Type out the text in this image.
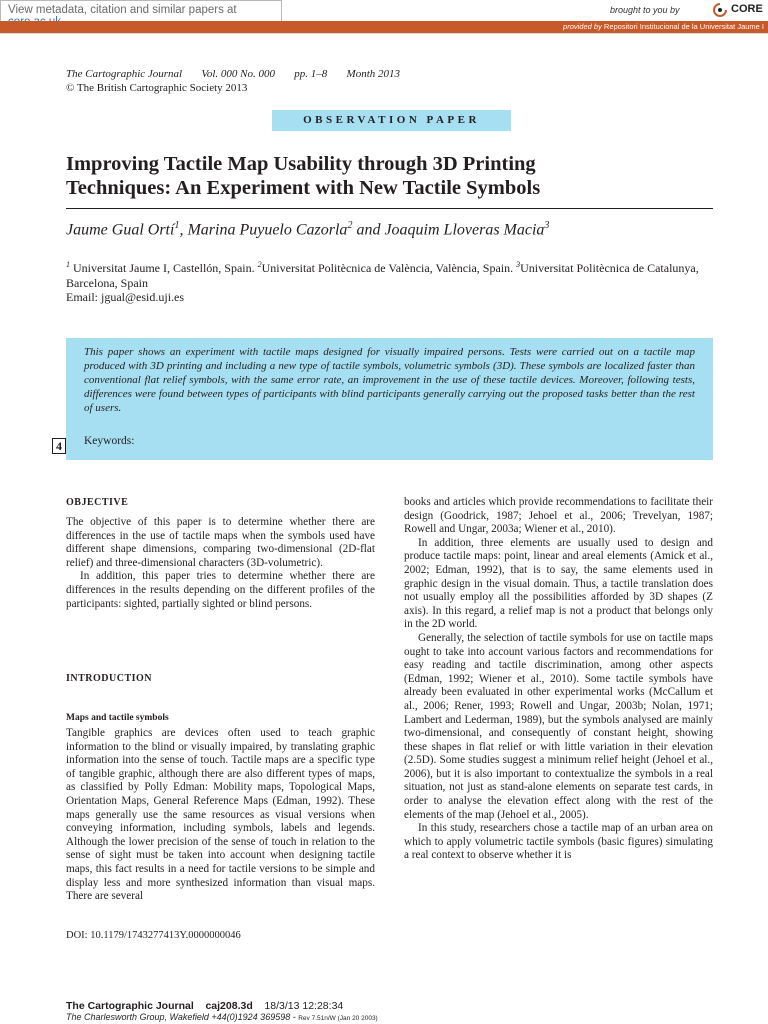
View metadata, citation and similar papers at	brought to you by	CORE
provided by Repositori Institucional de la Universitat Jaume I
The Cartographic Journal Vol. 000 No. 000 pp. 1–8 Month 2013
© The British Cartographic Society 2013
OBSERVATION PAPER
Improving Tactile Map Usability through 3D Printing
Techniques: An Experiment with New Tactile Symbols
Jaume Gual Ortí$^1$, Marina Puyuelo Cazorla$^2$ and Joaquim Lloveras Macia$^3$
$^1$ Universitat Jaume I, Castellón, Spain. $^2$Universitat Politècnica de València, València, Spain. $^3$Universitat Politècnica de Catalunya, Barcelona, Spain
Email: jgual@esid.uji.es
This paper shows an experiment with tactile maps designed for visually impaired persons. Tests were carried out on a tactile map produced with 3D printing and including a new type of tactile symbols, volumetric symbols (3D). These symbols are localized faster than conventional flat relief symbols, with the same error rate, an improvement in the use of these tactile devices. Moreover, following tests, differences were found between types of participants with blind participants generally carrying out the proposed tasks better than the rest of users.
Keywords:
4
OBJECTIVE

The objective of this paper is to determine whether there are differences in the use of tactile maps when the symbols used have different shape dimensions, comparing two-dimensional (2D-flat relief) and three-dimensional characters (3D-volumetric).

In addition, this paper tries to determine whether there are differences in the results depending on the different profiles of the participants: sighted, partially sighted or blind persons.

INTRODUCTION
Maps and tactile symbols

Tangible graphics are devices often used to teach graphic information to the blind or visually impaired, by translating graphic information into the sense of touch. Tactile maps are a specific type of tangible graphic, although there are also different types of maps, as classified by Polly Edman: Mobility maps, Topological Maps, Orientation Maps, General Reference Maps (Edman, 1992). These maps generally use the same resources as visual versions when conveying information, including symbols, labels and legends. Although the lower precision of the sense of touch in relation to the sense of sight must be taken into account when designing tactile maps, this fact results in a need for tactile versions to be simple and display less and more synthesized information than visual maps. There are several

books and articles which provide recommendations to facilitate their design (Goodrick, 1987; Jehoel et al., 2006; Trevelyan, 1987; Rowell and Ungar, 2003a; Wiener et al., 2010).

In addition, three elements are usually used to design and produce tactile maps: point, linear and areal elements (Amick et al., 2002; Edman, 1992), that is to say, the same elements used in graphic design in the visual domain. Thus, a tactile translation does not usually employ all the possibilities afforded by 3D shapes (Z axis). In this regard, a relief map is not a product that belongs only in the 2D world.

Generally, the selection of tactile symbols for use on tactile maps ought to take into account various factors and recommendations for easy reading and tactile discrimination, among other aspects (Edman, 1992; Wiener et al., 2010). Some tactile symbols have already been evaluated in other experimental works (McCallum et al., 2006; Rener, 1993; Rowell and Ungar, 2003b; Nolan, 1971; Lambert and Lederman, 1989), but the symbols analysed are mainly two-dimensional, and consequently of constant height, showing these shapes in flat relief or with little variation in their elevation (2.5D). Some studies suggest a minimum relief height (Jehoel et al., 2006), but it is also important to contextualize the symbols in a real situation, not just as stand-alone elements on separate test cards, in order to analyse the elevation effect along with the rest of the elements of the map (Jehoel et al., 2005).

In this study, researchers chose a tactile map of an urban area on which to apply volumetric tactile symbols (basic figures) simulating a real context to observe whether it is

DOI: 10.1179/1743277413Y.0000000046
The Cartographic Journal caj208.3d 18/3/13 12:28:34
The Charlesworth Group, Wakefield +44(0)1924 369598 - Rev 7.51n/W (Jan 20 2003)
